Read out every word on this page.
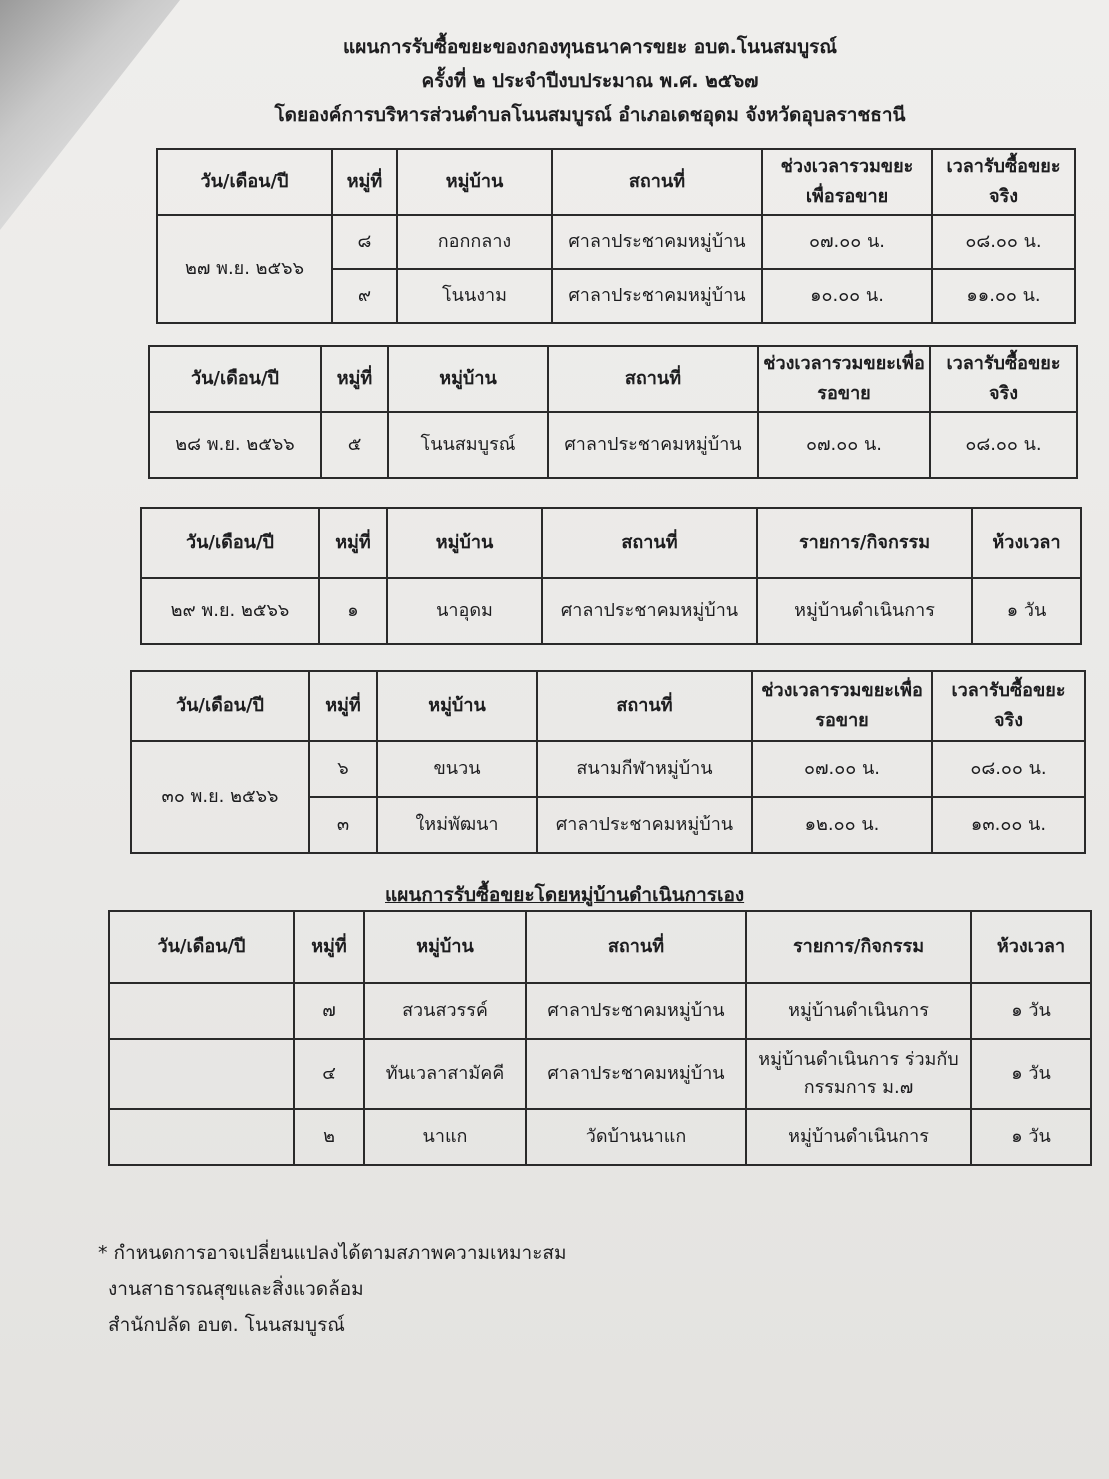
แผนการรับซื้อขยะของกองทุนธนาคารขยะ อบต.โนนสมบูรณ์
ครั้งที่ ๒ ประจำปีงบประมาณ พ.ศ. ๒๕๖๗
โดยองค์การบริหารส่วนตำบลโนนสมบูรณ์ อำเภอเดชอุดม จังหวัดอุบลราชธานี
วัน/เดือน/ปี	หมู่ที่	หมู่บ้าน	สถานที่	ช่วงเวลารวมขยะเพื่อรอขาย	เวลารับซื้อขยะจริง
๒๗ พ.ย. ๒๕๖๖	๘	กอกกลาง	ศาลาประชาคมหมู่บ้าน	๐๗.๐๐ น.	๐๘.๐๐ น.
	๙	โนนงาม	ศาลาประชาคมหมู่บ้าน	๑๐.๐๐ น.	๑๑.๐๐ น.
วัน/เดือน/ปี	หมู่ที่	หมู่บ้าน	สถานที่	ช่วงเวลารวมขยะเพื่อรอขาย	เวลารับซื้อขยะจริง
๒๘ พ.ย. ๒๕๖๖	๕	โนนสมบูรณ์	ศาลาประชาคมหมู่บ้าน	๐๗.๐๐ น.	๐๘.๐๐ น.
วัน/เดือน/ปี	หมู่ที่	หมู่บ้าน	สถานที่	รายการ/กิจกรรม	ห้วงเวลา
๒๙ พ.ย. ๒๕๖๖	๑	นาอุดม	ศาลาประชาคมหมู่บ้าน	หมู่บ้านดำเนินการ	๑ วัน
วัน/เดือน/ปี	หมู่ที่	หมู่บ้าน	สถานที่	ช่วงเวลารวมขยะเพื่อรอขาย	เวลารับซื้อขยะจริง
๓๐ พ.ย. ๒๕๖๖	๖	ขนวน	สนามกีฬาหมู่บ้าน	๐๗.๐๐ น.	๐๘.๐๐ น.
	๓	ใหม่พัฒนา	ศาลาประชาคมหมู่บ้าน	๑๒.๐๐ น.	๑๓.๐๐ น.
แผนการรับซื้อขยะโดยหมู่บ้านดำเนินการเอง
วัน/เดือน/ปี	หมู่ที่	หมู่บ้าน	สถานที่	รายการ/กิจกรรม	ห้วงเวลา
	๗	สวนสวรรค์	ศาลาประชาคมหมู่บ้าน	หมู่บ้านดำเนินการ	๑ วัน
	๔	ทันเวลาสามัคคี	ศาลาประชาคมหมู่บ้าน	หมู่บ้านดำเนินการ ร่วมกับกรรมการ ม.๗	๑ วัน
	๒	นาแก	วัดบ้านนาแก	หมู่บ้านดำเนินการ	๑ วัน
* กำหนดการอาจเปลี่ยนแปลงได้ตามสภาพความเหมาะสม
งานสาธารณสุขและสิ่งแวดล้อม
สำนักปลัด อบต. โนนสมบูรณ์
